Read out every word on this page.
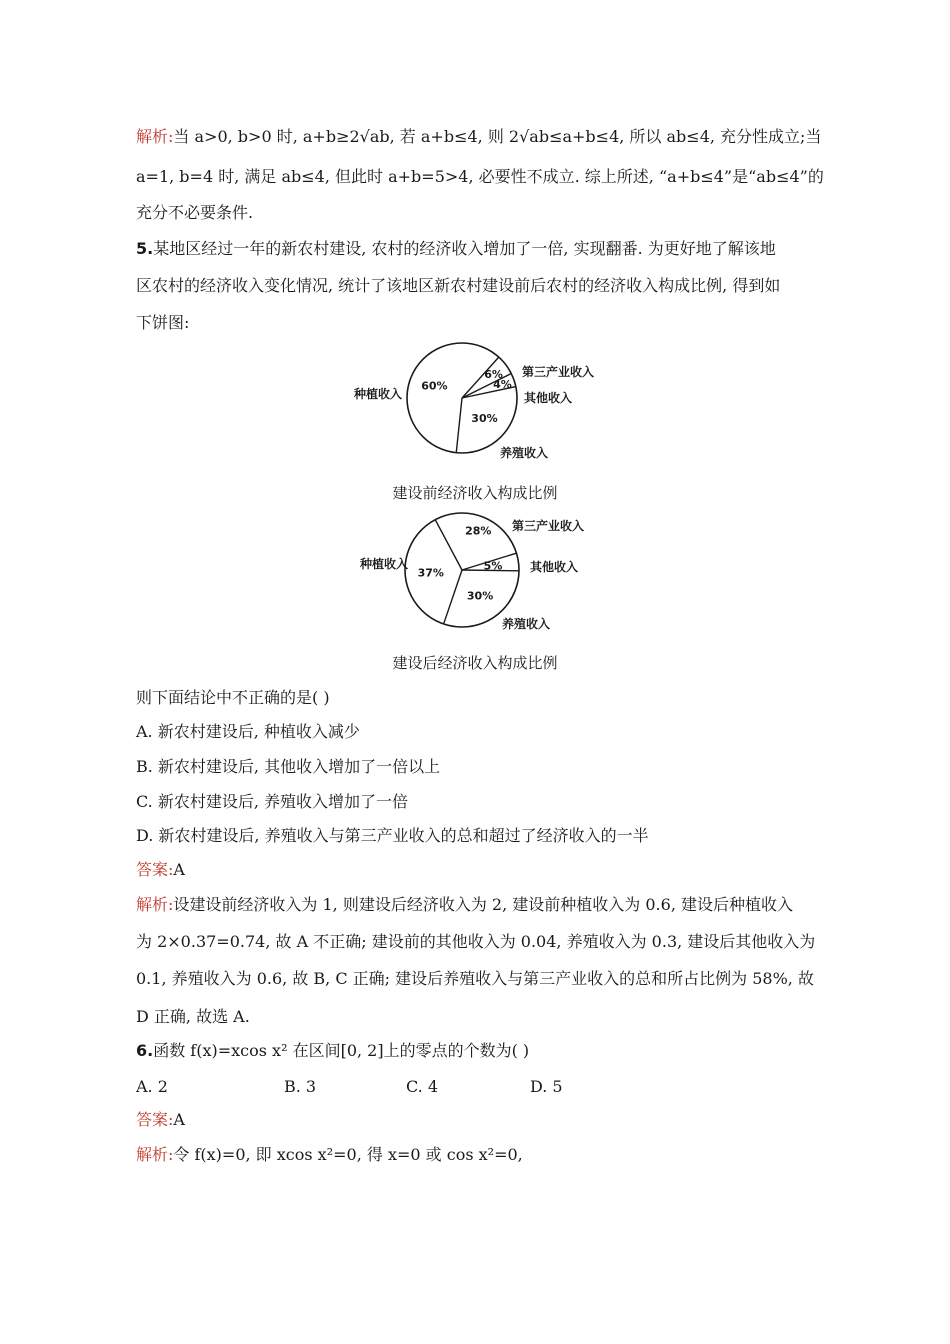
解析:当 a>0, b>0 时, a+b≥2√ab, 若 a+b≤4, 则 2√ab≤a+b≤4, 所以 ab≤4, 充分性成立;当
a=1, b=4 时, 满足 ab≤4, 但此时 a+b=5>4, 必要性不成立. 综上所述, “a+b≤4”是“ab≤4”的
充分不必要条件.
5.某地区经过一年的新农村建设, 农村的经济收入增加了一倍, 实现翻番. 为更好地了解该地
区农村的经济收入变化情况, 统计了该地区新农村建设前后农村的经济收入构成比例, 得到如
下饼图:
60%
6%
4%
30%
种植收入
第三产业收入
其他收入
养殖收入
建设前经济收入构成比例
37%
28%
5%
30%
种植收入
第三产业收入
其他收入
养殖收入
建设后经济收入构成比例
则下面结论中不正确的是( )
A. 新农村建设后, 种植收入减少
B. 新农村建设后, 其他收入增加了一倍以上
C. 新农村建设后, 养殖收入增加了一倍
D. 新农村建设后, 养殖收入与第三产业收入的总和超过了经济收入的一半
答案:A
解析:设建设前经济收入为 1, 则建设后经济收入为 2, 建设前种植收入为 0.6, 建设后种植收入
为 2×0.37=0.74, 故 A 不正确; 建设前的其他收入为 0.04, 养殖收入为 0.3, 建设后其他收入为
0.1, 养殖收入为 0.6, 故 B, C 正确; 建设后养殖收入与第三产业收入的总和所占比例为 58%, 故
D 正确, 故选 A.
6.函数 f(x)=xcos x² 在区间[0, 2]上的零点的个数为( )
A. 2	B. 3	C. 4	D. 5
答案:A
解析:令 f(x)=0, 即 xcos x²=0, 得 x=0 或 cos x²=0,
